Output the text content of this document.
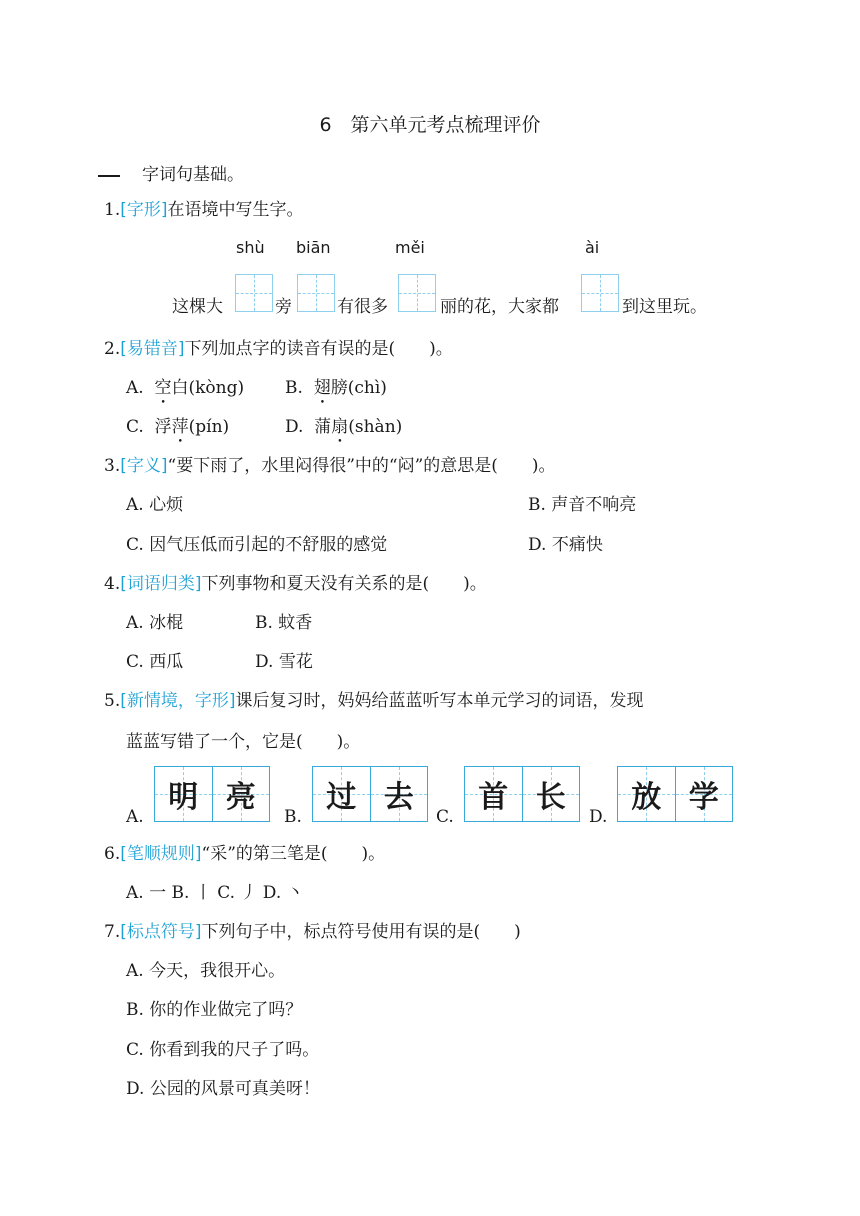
6　第六单元考点梳理评价
字词句基础。
1.[字形]在语境中写生字。
shù biān	měi	ài
这棵大	旁	有很多	丽的花，大家都	到这里玩。
2.[易错音]下列加点字的读音有误的是(　　)。
A. 空白(kòng) B. 翅膀(chì)
C. 浮萍(pín)	D. 蒲扇(shàn)
3.[字义]“要下雨了，水里闷得很”中的“闷”的意思是(　　)。
A. 心烦	B. 声音不响亮
C. 因气压低而引起的不舒服的感觉	D. 不痛快
4.[词语归类]下列事物和夏天没有关系的是(　　)。
A. 冰棍	B. 蚊香
C. 西瓜	D. 雪花
5.[新情境，字形]课后复习时，妈妈给蓝蓝听写本单元学习的词语，发现
蓝蓝写错了一个，它是(　　)。
A.
明 亮
B.
过 去
C.
首 长
D.
放 学
6.[笔顺规则]“采”的第三笔是(　　)。
A. 一 B. 丨 C. 丿 D. 丶
7.[标点符号]下列句子中，标点符号使用有误的是(　　)
A. 今天，我很开心。
B. 你的作业做完了吗？
C. 你看到我的尺子了吗。
D. 公园的风景可真美呀！
